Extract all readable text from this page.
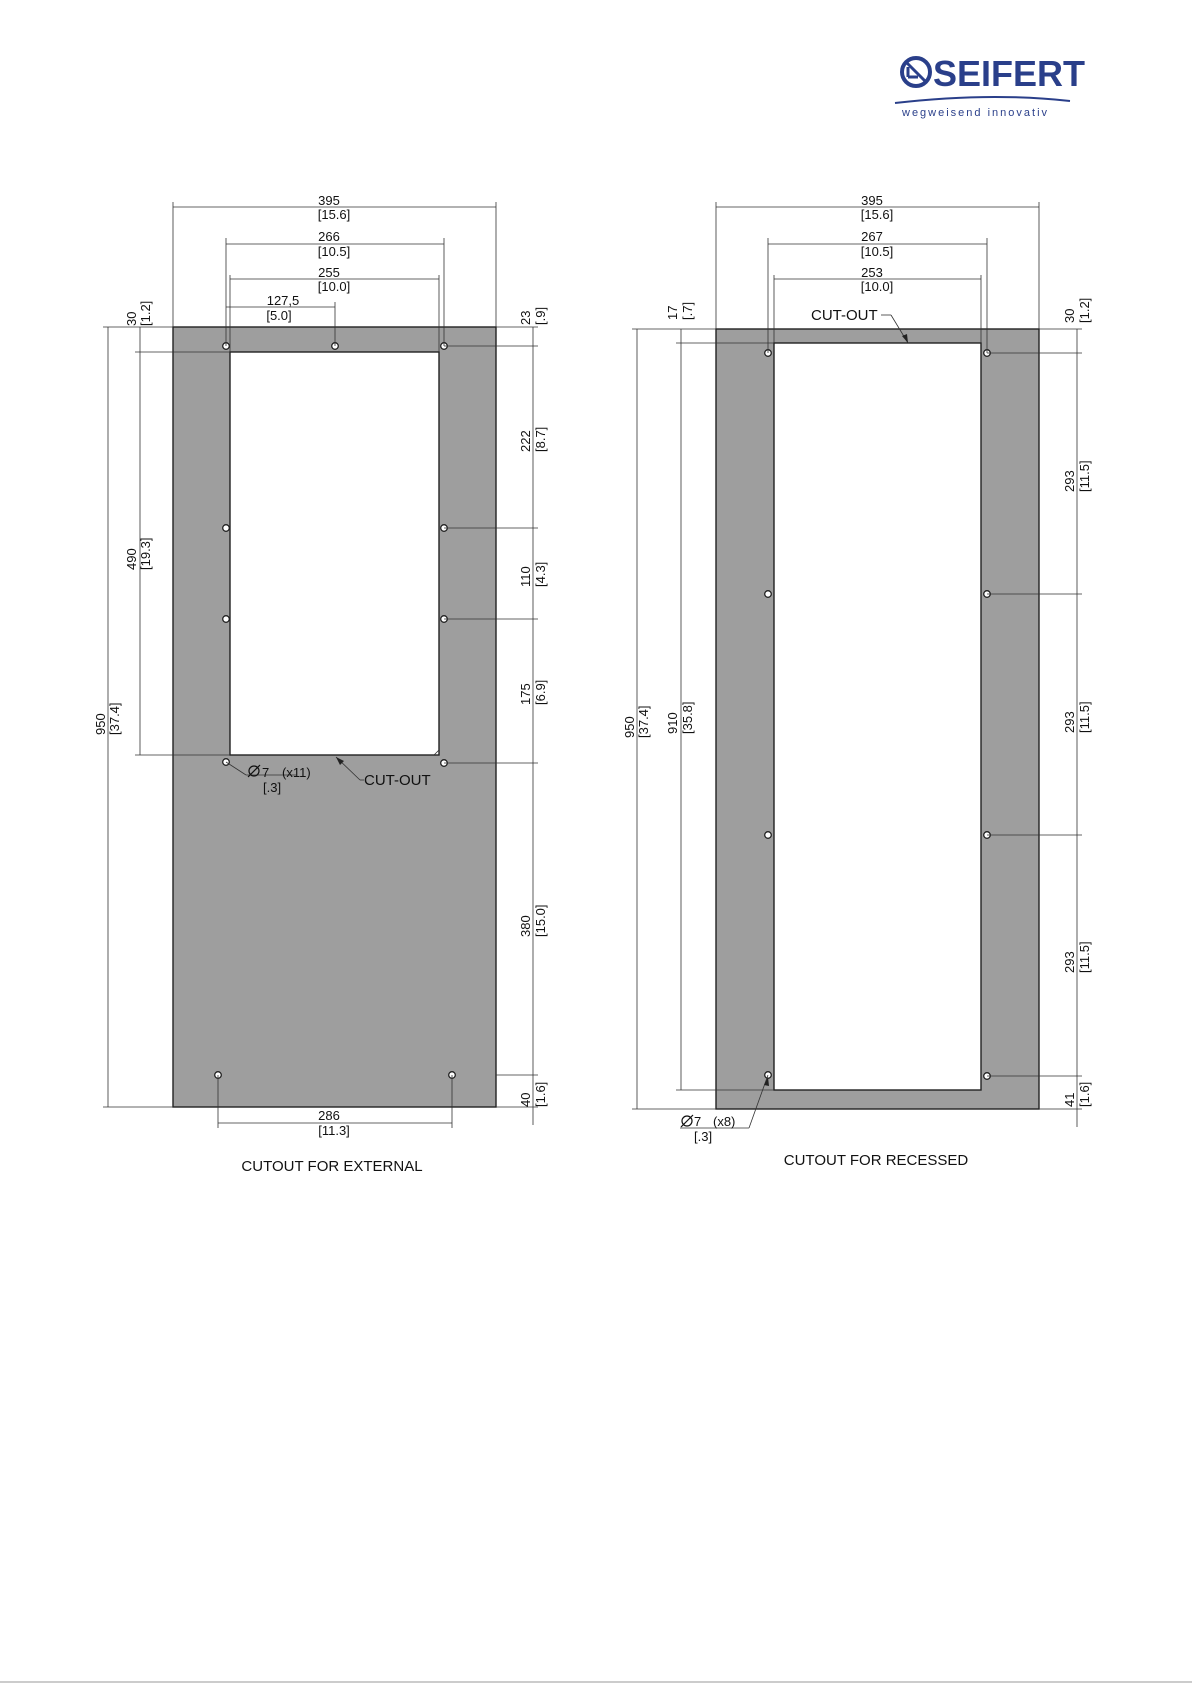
SEIFERT
wegweisend innovativ
395
[15.6]
266
[10.5]
255
[10.0]
127,5
[5.0]
30 [1.2]
490 [19.3]
950 [37.4]
23 [.9]
222 [8.7]
110 [4.3]
175 [6.9]
380 [15.0]
40 [1.6]
286
[11.3]
7 (x11)
[.3]	CUT-OUT
CUTOUT FOR EXTERNAL
395
[15.6]
267
[10.5]
253
[10.0]
17 [.7]
950 [37.4] 910 [35.8]
30 [1.2]
293 [11.5]
293 [11.5]
293 [11.5]
41 [1.6]
CUT-OUT
7 (x8)
[.3]
CUTOUT FOR RECESSED
